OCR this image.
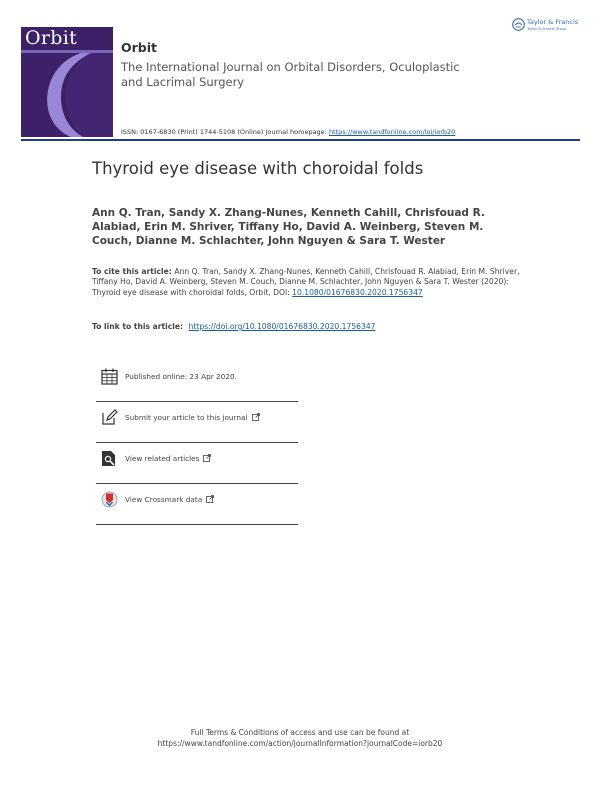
Orbit	Orbit
The International Journal on Orbital Disorders, Oculoplastic and Lacrimal Surgery
ISSN: 0167-6830 (Print) 1744-5108 (Online) Journal homepage: https://www.tandfonline.com/loi/iorb20
Taylor & Francis
Taylor & Francis Group
Thyroid eye disease with choroidal folds
Ann Q. Tran, Sandy X. Zhang-Nunes, Kenneth Cahill, Chrisfouad R. Alabiad, Erin M. Shriver, Tiffany Ho, David A. Weinberg, Steven M. Couch, Dianne M. Schlachter, John Nguyen & Sara T. Wester
To cite this article: Ann Q. Tran, Sandy X. Zhang-Nunes, Kenneth Cahill, Chrisfouad R. Alabiad, Erin M. Shriver, Tiffany Ho, David A. Weinberg, Steven M. Couch, Dianne M. Schlachter, John Nguyen & Sara T. Wester (2020): Thyroid eye disease with choroidal folds, Orbit, DOI: 10.1080/01676830.2020.1756347
To link to this article: https://doi.org/10.1080/01676830.2020.1756347
Published online: 23 Apr 2020.
Submit your article to this journal
View related articles
View Crossmark data
Full Terms & Conditions of access and use can be found at
https://www.tandfonline.com/action/journalInformation?journalCode=iorb20
